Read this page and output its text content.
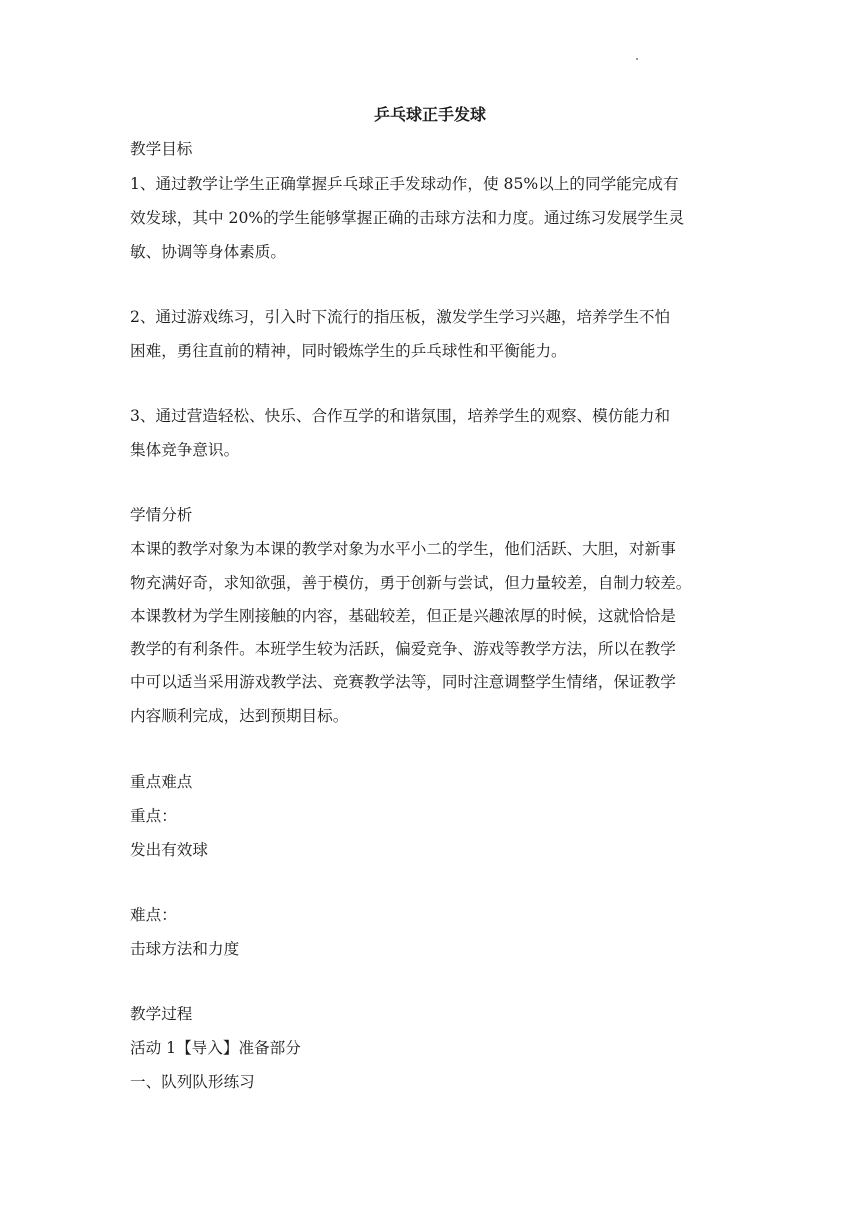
乒乓球正手发球
教学目标
1、通过教学让学生正确掌握乒乓球正手发球动作，使 85%以上的同学能完成有
效发球，其中 20%的学生能够掌握正确的击球方法和力度。通过练习发展学生灵
敏、协调等身体素质。
2、通过游戏练习，引入时下流行的指压板，激发学生学习兴趣，培养学生不怕
困难，勇往直前的精神，同时锻炼学生的乒乓球性和平衡能力。
3、通过营造轻松、快乐、合作互学的和谐氛围，培养学生的观察、模仿能力和
集体竞争意识。
学情分析
本课的教学对象为本课的教学对象为水平小二的学生，他们活跃、大胆，对新事
物充满好奇，求知欲强，善于模仿，勇于创新与尝试，但力量较差，自制力较差。
本课教材为学生刚接触的内容，基础较差，但正是兴趣浓厚的时候，这就恰恰是
教学的有利条件。本班学生较为活跃，偏爱竞争、游戏等教学方法，所以在教学
中可以适当采用游戏教学法、竞赛教学法等，同时注意调整学生情绪，保证教学
内容顺利完成，达到预期目标。
重点难点
重点：
发出有效球
难点：
击球方法和力度
教学过程
活动 1【导入】准备部分
一、队列队形练习
